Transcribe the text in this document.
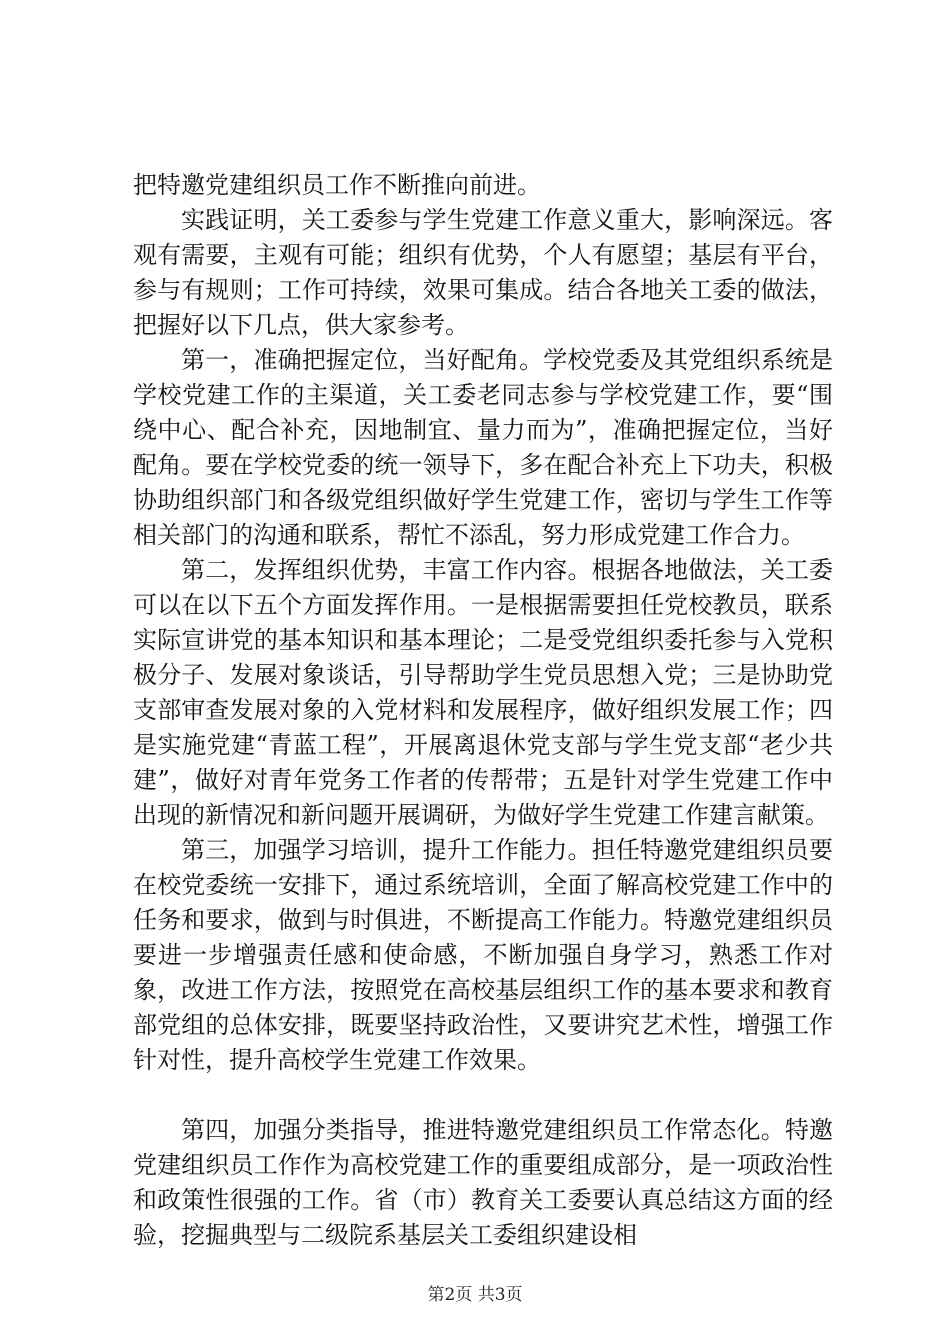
把特邀党建组织员工作不断推向前进。

实践证明，关工委参与学生党建工作意义重大，影响深远。客观有需要，主观有可能；组织有优势，个人有愿望；基层有平台，参与有规则；工作可持续，效果可集成。结合各地关工委的做法，把握好以下几点，供大家参考。

第一，准确把握定位，当好配角。学校党委及其党组织系统是学校党建工作的主渠道，关工委老同志参与学校党建工作，要“围绕中心、配合补充，因地制宜、量力而为”，准确把握定位，当好配角。要在学校党委的统一领导下，多在配合补充上下功夫，积极协助组织部门和各级党组织做好学生党建工作，密切与学生工作等相关部门的沟通和联系，帮忙不添乱，努力形成党建工作合力。

第二，发挥组织优势，丰富工作内容。根据各地做法，关工委可以在以下五个方面发挥作用。一是根据需要担任党校教员，联系实际宣讲党的基本知识和基本理论；二是受党组织委托参与入党积极分子、发展对象谈话，引导帮助学生党员思想入党；三是协助党支部审查发展对象的入党材料和发展程序，做好组织发展工作；四是实施党建“青蓝工程”，开展离退休党支部与学生党支部“老少共建”，做好对青年党务工作者的传帮带；五是针对学生党建工作中出现的新情况和新问题开展调研，为做好学生党建工作建言献策。

第三，加强学习培训，提升工作能力。担任特邀党建组织员要在校党委统一安排下，通过系统培训，全面了解高校党建工作中的任务和要求，做到与时俱进，不断提高工作能力。特邀党建组织员要进一步增强责任感和使命感，不断加强自身学习，熟悉工作对象，改进工作方法，按照党在高校基层组织工作的基本要求和教育部党组的总体安排，既要坚持政治性，又要讲究艺术性，增强工作针对性，提升高校学生党建工作效果。

第四，加强分类指导，推进特邀党建组织员工作常态化。特邀党建组织员工作作为高校党建工作的重要组成部分，是一项政治性和政策性很强的工作。省（市）教育关工委要认真总结这方面的经验，挖掘典型与二级院系基层关工委组织建设相

第2页 共3页
